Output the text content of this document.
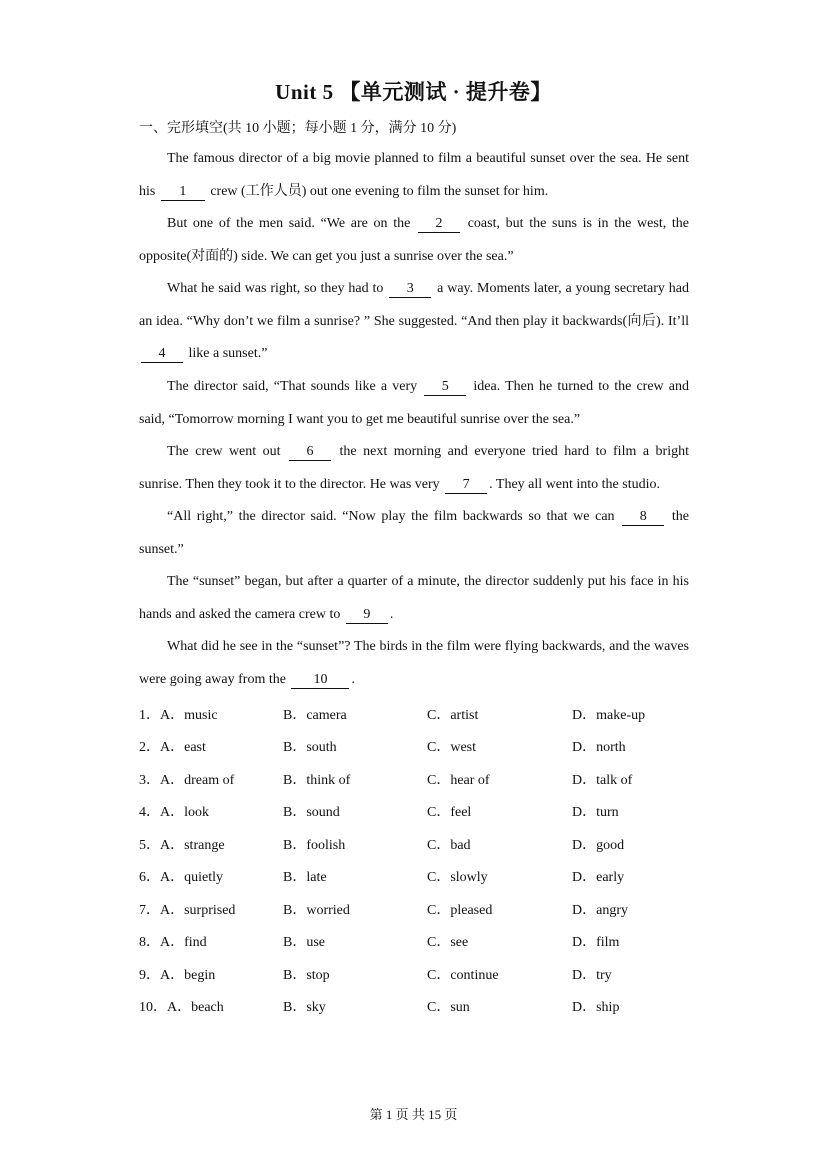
Unit 5 【单元测试 · 提升卷】
一、完形填空(共 10 小题；每小题 1 分，满分 10 分)
The famous director of a big movie planned to film a beautiful sunset over the sea. He sent his 1 crew (工作人员) out one evening to film the sunset for him.
But one of the men said. “We are on the 2 coast, but the suns is in the west, the opposite(对面的) side. We can get you just a sunrise over the sea.”
What he said was right, so they had to 3 a way. Moments later, a young secretary had an idea. “Why don’t we film a sunrise? ” She suggested. “And then play it backwards(向后). It’ll 4 like a sunset.”
The director said, “That sounds like a very 5 idea. Then he turned to the crew and said, “Tomorrow morning I want you to get me beautiful sunrise over the sea.”
The crew went out 6 the next morning and everyone tried hard to film a bright sunrise. Then they took it to the director. He was very 7 . They all went into the studio.
“All right,” the director said. “Now play the film backwards so that we can 8 the sunset.”
The “sunset” began, but after a quarter of a minute, the director suddenly put his face in his hands and asked the camera crew to 9 .
What did he see in the “sunset”? The birds in the film were flying backwards, and the waves were going away from the 10 .
1．A．music	B．camera	C．artist	D．make-up
2．A．east	B．south	C．west	D．north
3．A．dream of	B．think of	C．hear of	D．talk of
4．A．look	B．sound	C．feel	D．turn
5．A．strange	B．foolish	C．bad	D．good
6．A．quietly	B．late	C．slowly	D．early
7．A．surprised	B．worried	C．pleased	D．angry
8．A．find	B．use	C．see	D．film
9．A．begin	B．stop	C．continue	D．try
10．A．beach	B．sky	C．sun	D．ship
第 1 页 共 15 页
